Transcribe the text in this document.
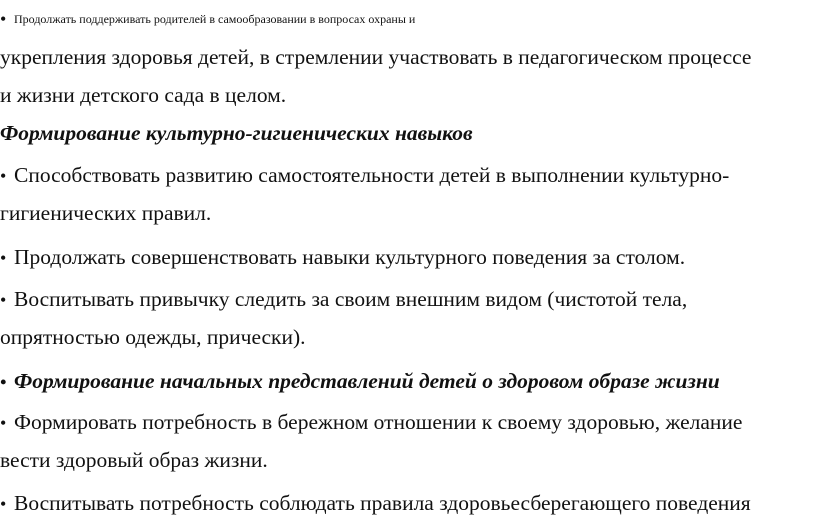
• Продолжать поддерживать родителей в самообразовании в вопросах охраны и
укрепления здоровья детей, в стремлении участвовать в педагогическом процессе
и жизни детского сада в целом.
Формирование культурно-гигиенических навыков
• Способствовать развитию самостоятельности детей в выполнении культурно-
гигиенических правил.
• Продолжать совершенствовать навыки культурного поведения за столом.
• Воспитывать привычку следить за своим внешним видом (чистотой тела,
опрятностью одежды, прически).
• Формирование начальных представлений детей о здоровом образе жизни
• Формировать потребность в бережном отношении к своему здоровью, желание
вести здоровый образ жизни.
• Воспитывать потребность соблюдать правила здоровьесберегающего поведения
